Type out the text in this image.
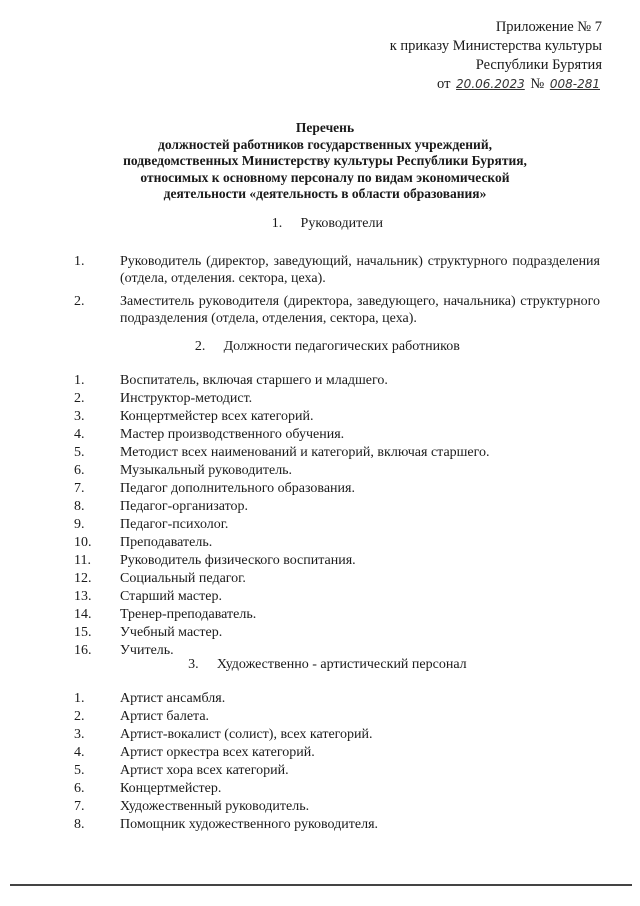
Приложение № 7
к приказу Министерства культуры
Республики Бурятия
от 20.06.2023 № 008-281
Перечень
должностей работников государственных учреждений,
подведомственных Министерству культуры Республики Бурятия,
относимых к основному персоналу по видам экономической
деятельности «деятельность в области образования»
1. Руководители
1.	Руководитель (директор, заведующий, начальник) структурного подразделения (отдела, отделения. сектора, цеха).
2.	Заместитель руководителя (директора, заведующего, начальника) структурного подразделения (отдела, отделения, сектора, цеха).
2. Должности педагогических работников
1.	Воспитатель, включая старшего и младшего.
2.	Инструктор-методист.
3.	Концертмейстер всех категорий.
4.	Мастер производственного обучения.
5.	Методист всех наименований и категорий, включая старшего.
6.	Музыкальный руководитель.
7.	Педагог дополнительного образования.
8.	Педагог-организатор.
9.	Педагог-психолог.
10.	Преподаватель.
11.	Руководитель физического воспитания.
12.	Социальный педагог.
13.	Старший мастер.
14.	Тренер-преподаватель.
15.	Учебный мастер.
16.	Учитель.
3. Художественно - артистический персонал
1.	Артист ансамбля.
2.	Артист балета.
3.	Артист-вокалист (солист), всех категорий.
4.	Артист оркестра всех категорий.
5.	Артист хора всех категорий.
6.	Концертмейстер.
7.	Художественный руководитель.
8.	Помощник художественного руководителя.
